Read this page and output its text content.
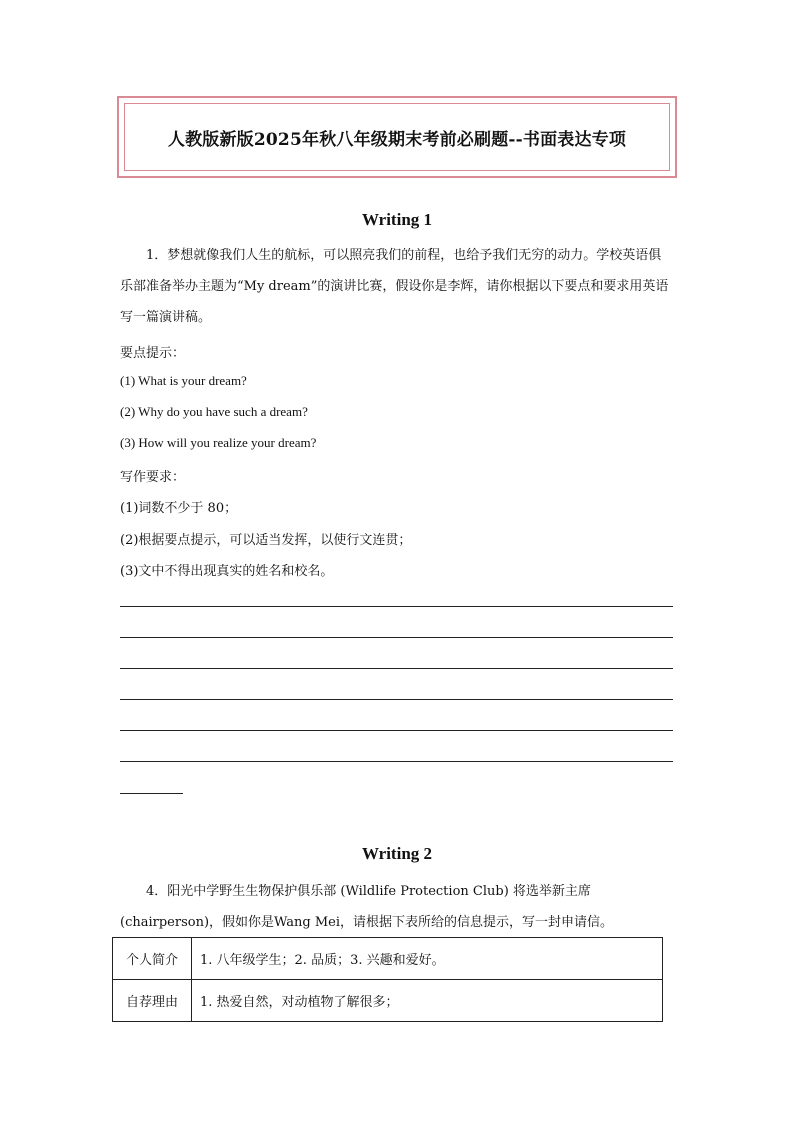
人教版新版2025年秋八年级期末考前必刷题--书面表达专项
Writing 1
1．梦想就像我们人生的航标，可以照亮我们的前程，也给予我们无穷的动力。学校英语俱乐部准备举办主题为“My dream”的演讲比赛，假设你是李辉，请你根据以下要点和要求用英语写一篇演讲稿。
要点提示：
(1) What is your dream?
(2) Why do you have such a dream?
(3) How will you realize your dream?
写作要求：
(1)词数不少于 80；
(2)根据要点提示，可以适当发挥，以使行文连贯；
(3)文中不得出现真实的姓名和校名。
Writing 2
4．阳光中学野生生物保护俱乐部 (Wildlife Protection Club) 将选举新主席(chairperson)，假如你是Wang Mei，请根据下表所给的信息提示，写一封申请信。
个人简介	1. 八年级学生；2. 品质；3. 兴趣和爱好。
自荐理由	1. 热爱自然，对动植物了解很多；
